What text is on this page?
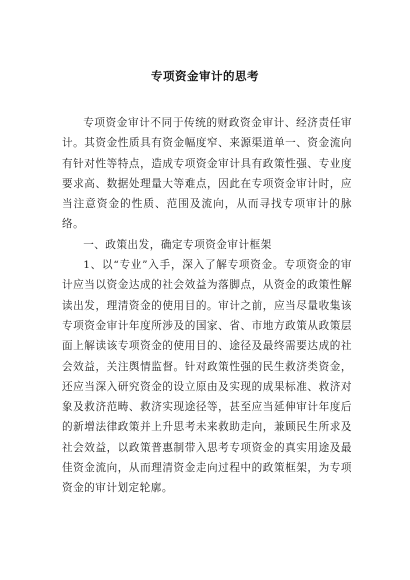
专项资金审计的思考

专项资金审计不同于传统的财政资金审计、经济责任审计。其资金性质具有资金幅度窄、来源渠道单一、资金流向有针对性等特点，造成专项资金审计具有政策性强、专业度要求高、数据处理量大等难点，因此在专项资金审计时，应当注意资金的性质、范围及流向，从而寻找专项审计的脉络。

一、政策出发，确定专项资金审计框架

1、以“专业”入手，深入了解专项资金。专项资金的审计应当以资金达成的社会效益为落脚点，从资金的政策性解读出发，理清资金的使用目的。审计之前，应当尽量收集该专项资金审计年度所涉及的国家、省、市地方政策从政策层面上解读该专项资金的使用目的、途径及最终需要达成的社会效益，关注舆情监督。针对政策性强的民生救济类资金，还应当深入研究资金的设立原由及实现的成果标准、救济对象及救济范畴、救济实现途径等，甚至应当延伸审计年度后的新增法律政策并上升思考未来救助走向，兼顾民生所求及社会效益，以政策普惠制带入思考专项资金的真实用途及最佳资金流向，从而理清资金走向过程中的政策框架，为专项资金的审计划定轮廓。
